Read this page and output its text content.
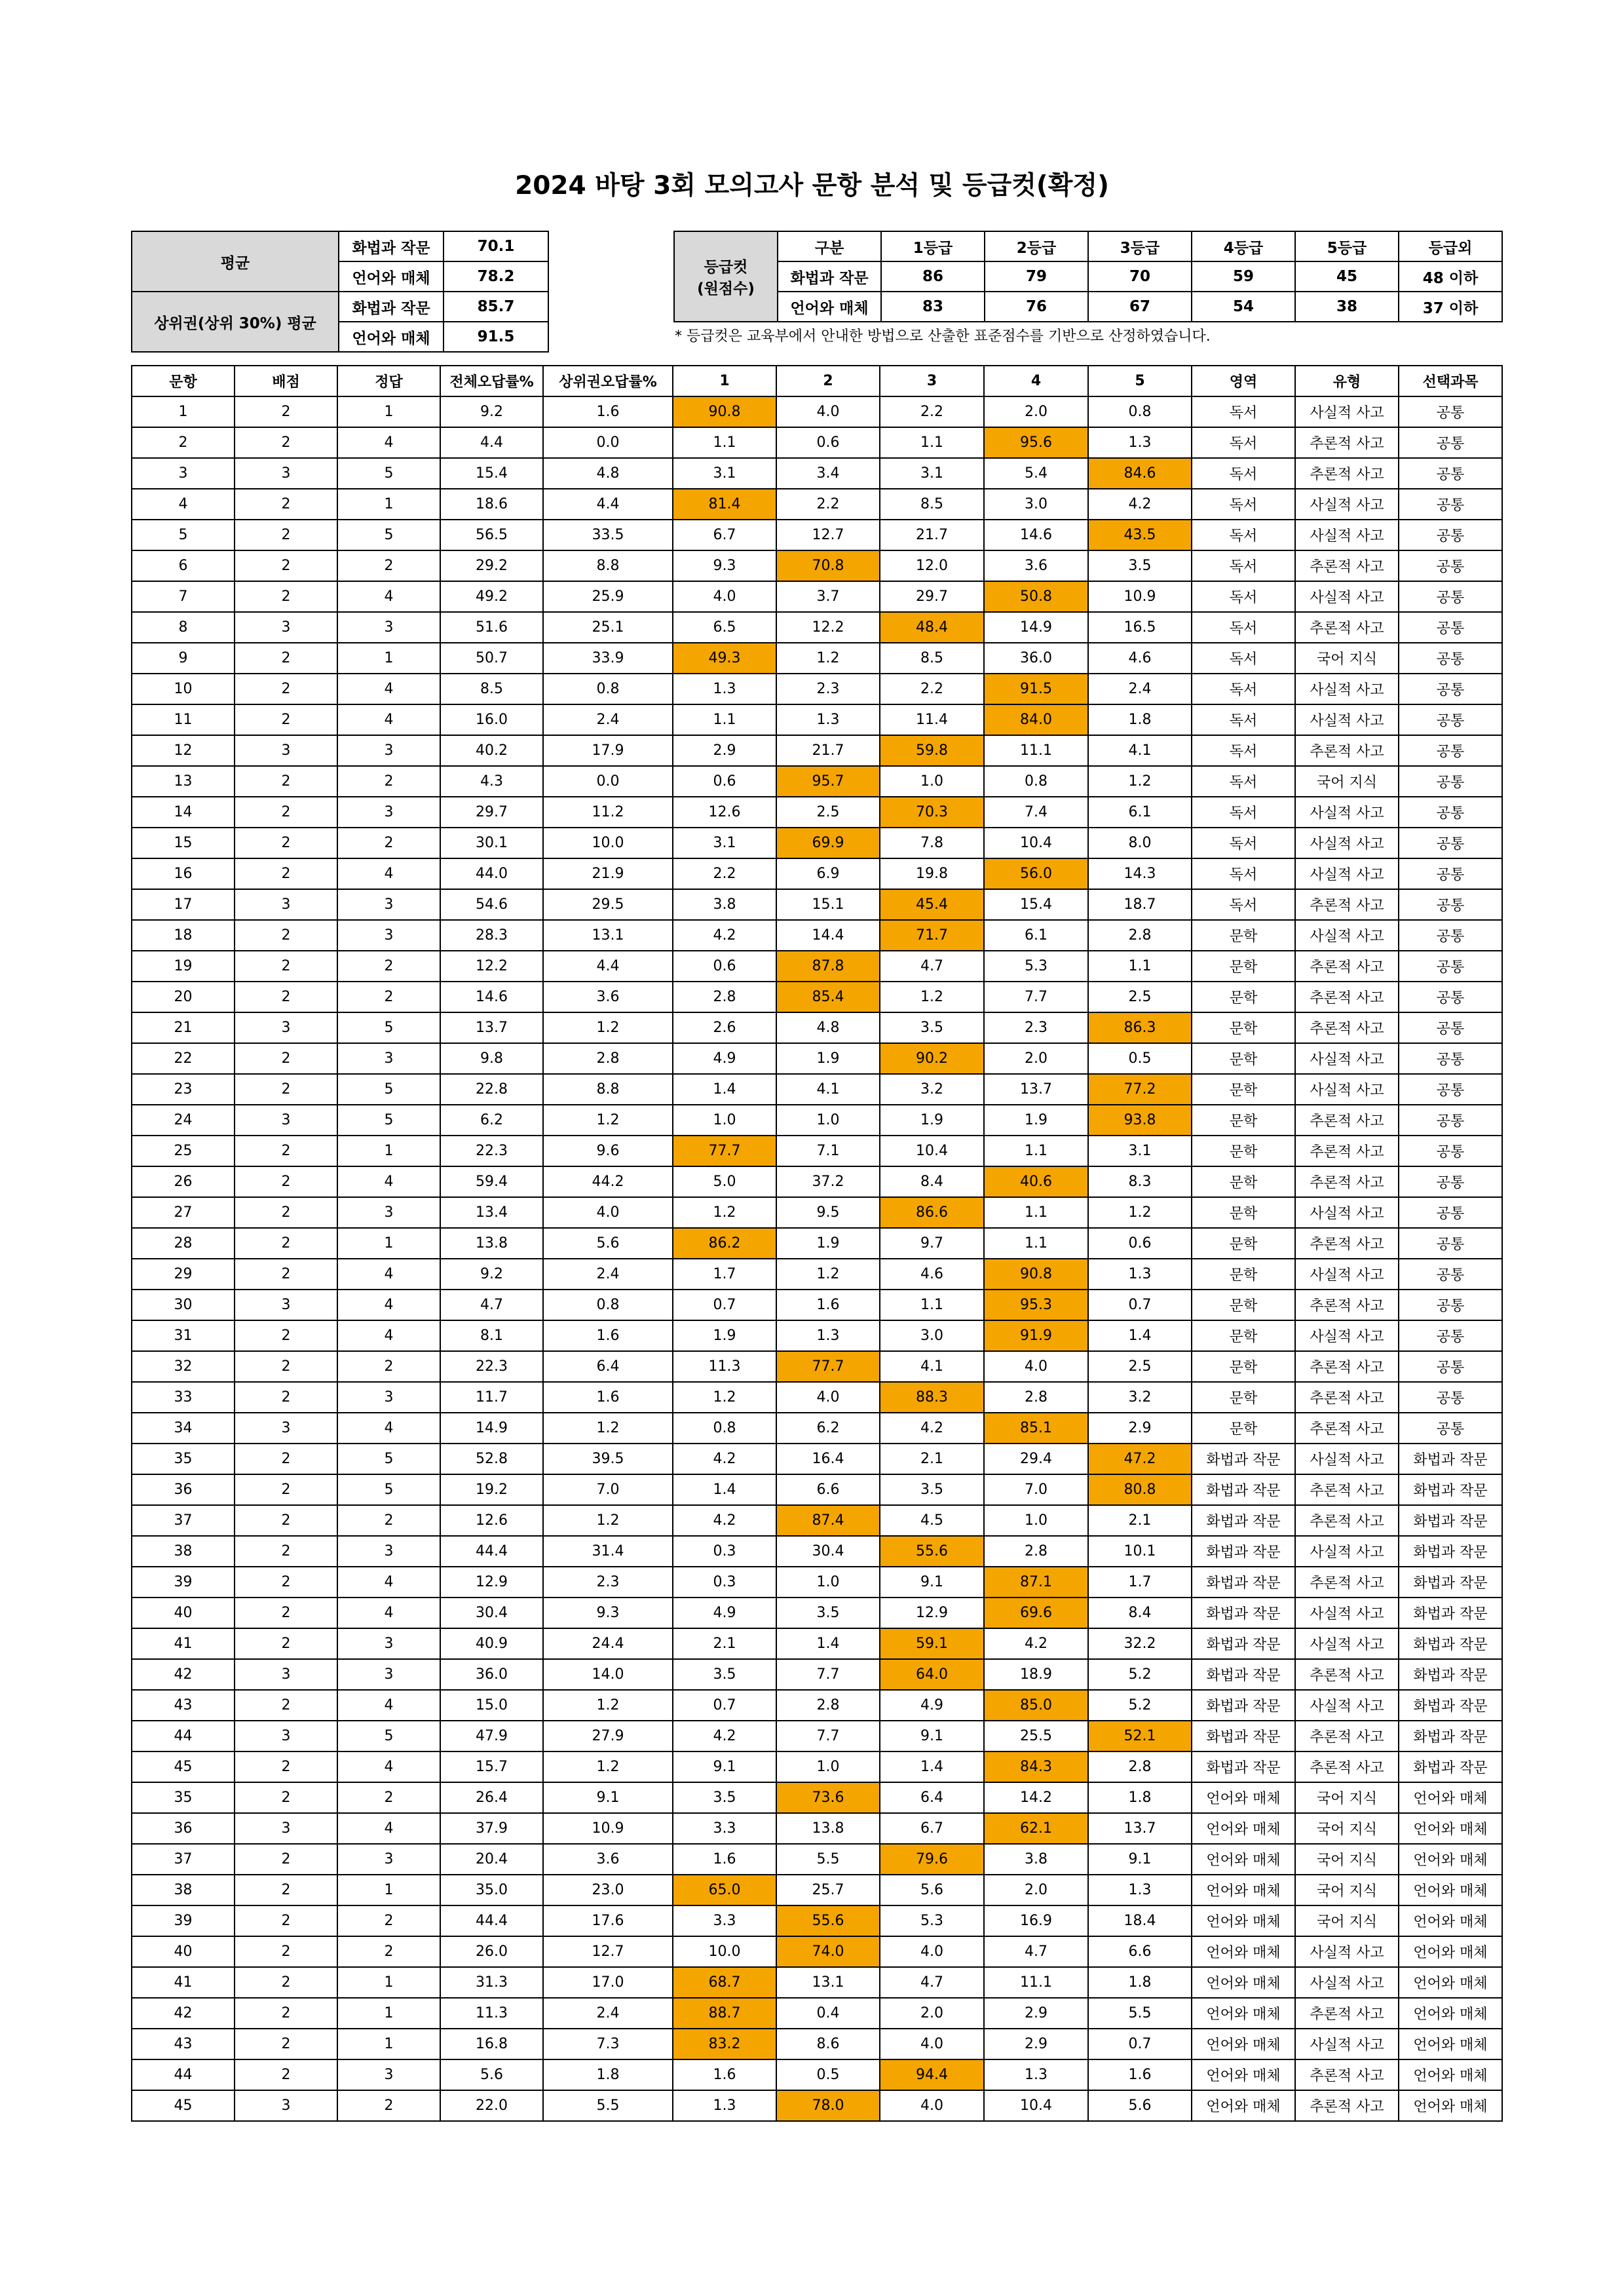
2024 바탕 3회 모의고사 문항 분석 및 등급컷(확정)
평균	화법과 작문	70.1
	언어와 매체	78.2
상위권(상위 30%) 평균	화법과 작문	85.7
	언어와 매체	91.5
등급컷
(원점수)	구분	1등급	2등급	3등급	4등급	5등급	등급외
	화법과 작문	86	79	70	59	45	48 이하
	언어와 매체	83	76	67	54	38	37 이하
* 등급컷은 교육부에서 안내한 방법으로 산출한 표준점수를 기반으로 산정하였습니다.
문항	배점	정답	전체오답률%	상위권오답률%	1	2	3	4	5	영역	유형	선택과목
1	2	1	9.2	1.6	90.8	4.0	2.2	2.0	0.8	독서	사실적 사고	공통
2	2	4	4.4	0.0	1.1	0.6	1.1	95.6	1.3	독서	추론적 사고	공통
3	3	5	15.4	4.8	3.1	3.4	3.1	5.4	84.6	독서	추론적 사고	공통
4	2	1	18.6	4.4	81.4	2.2	8.5	3.0	4.2	독서	사실적 사고	공통
5	2	5	56.5	33.5	6.7	12.7	21.7	14.6	43.5	독서	사실적 사고	공통
6	2	2	29.2	8.8	9.3	70.8	12.0	3.6	3.5	독서	추론적 사고	공통
7	2	4	49.2	25.9	4.0	3.7	29.7	50.8	10.9	독서	사실적 사고	공통
8	3	3	51.6	25.1	6.5	12.2	48.4	14.9	16.5	독서	추론적 사고	공통
9	2	1	50.7	33.9	49.3	1.2	8.5	36.0	4.6	독서	국어 지식	공통
10	2	4	8.5	0.8	1.3	2.3	2.2	91.5	2.4	독서	사실적 사고	공통
11	2	4	16.0	2.4	1.1	1.3	11.4	84.0	1.8	독서	사실적 사고	공통
12	3	3	40.2	17.9	2.9	21.7	59.8	11.1	4.1	독서	추론적 사고	공통
13	2	2	4.3	0.0	0.6	95.7	1.0	0.8	1.2	독서	국어 지식	공통
14	2	3	29.7	11.2	12.6	2.5	70.3	7.4	6.1	독서	사실적 사고	공통
15	2	2	30.1	10.0	3.1	69.9	7.8	10.4	8.0	독서	사실적 사고	공통
16	2	4	44.0	21.9	2.2	6.9	19.8	56.0	14.3	독서	사실적 사고	공통
17	3	3	54.6	29.5	3.8	15.1	45.4	15.4	18.7	독서	추론적 사고	공통
18	2	3	28.3	13.1	4.2	14.4	71.7	6.1	2.8	문학	사실적 사고	공통
19	2	2	12.2	4.4	0.6	87.8	4.7	5.3	1.1	문학	추론적 사고	공통
20	2	2	14.6	3.6	2.8	85.4	1.2	7.7	2.5	문학	추론적 사고	공통
21	3	5	13.7	1.2	2.6	4.8	3.5	2.3	86.3	문학	추론적 사고	공통
22	2	3	9.8	2.8	4.9	1.9	90.2	2.0	0.5	문학	사실적 사고	공통
23	2	5	22.8	8.8	1.4	4.1	3.2	13.7	77.2	문학	사실적 사고	공통
24	3	5	6.2	1.2	1.0	1.0	1.9	1.9	93.8	문학	추론적 사고	공통
25	2	1	22.3	9.6	77.7	7.1	10.4	1.1	3.1	문학	추론적 사고	공통
26	2	4	59.4	44.2	5.0	37.2	8.4	40.6	8.3	문학	추론적 사고	공통
27	2	3	13.4	4.0	1.2	9.5	86.6	1.1	1.2	문학	사실적 사고	공통
28	2	1	13.8	5.6	86.2	1.9	9.7	1.1	0.6	문학	추론적 사고	공통
29	2	4	9.2	2.4	1.7	1.2	4.6	90.8	1.3	문학	사실적 사고	공통
30	3	4	4.7	0.8	0.7	1.6	1.1	95.3	0.7	문학	추론적 사고	공통
31	2	4	8.1	1.6	1.9	1.3	3.0	91.9	1.4	문학	사실적 사고	공통
32	2	2	22.3	6.4	11.3	77.7	4.1	4.0	2.5	문학	추론적 사고	공통
33	2	3	11.7	1.6	1.2	4.0	88.3	2.8	3.2	문학	추론적 사고	공통
34	3	4	14.9	1.2	0.8	6.2	4.2	85.1	2.9	문학	추론적 사고	공통
35	2	5	52.8	39.5	4.2	16.4	2.1	29.4	47.2	화법과 작문	사실적 사고	화법과 작문
36	2	5	19.2	7.0	1.4	6.6	3.5	7.0	80.8	화법과 작문	추론적 사고	화법과 작문
37	2	2	12.6	1.2	4.2	87.4	4.5	1.0	2.1	화법과 작문	추론적 사고	화법과 작문
38	2	3	44.4	31.4	0.3	30.4	55.6	2.8	10.1	화법과 작문	사실적 사고	화법과 작문
39	2	4	12.9	2.3	0.3	1.0	9.1	87.1	1.7	화법과 작문	추론적 사고	화법과 작문
40	2	4	30.4	9.3	4.9	3.5	12.9	69.6	8.4	화법과 작문	사실적 사고	화법과 작문
41	2	3	40.9	24.4	2.1	1.4	59.1	4.2	32.2	화법과 작문	사실적 사고	화법과 작문
42	3	3	36.0	14.0	3.5	7.7	64.0	18.9	5.2	화법과 작문	추론적 사고	화법과 작문
43	2	4	15.0	1.2	0.7	2.8	4.9	85.0	5.2	화법과 작문	사실적 사고	화법과 작문
44	3	5	47.9	27.9	4.2	7.7	9.1	25.5	52.1	화법과 작문	추론적 사고	화법과 작문
45	2	4	15.7	1.2	9.1	1.0	1.4	84.3	2.8	화법과 작문	추론적 사고	화법과 작문
35	2	2	26.4	9.1	3.5	73.6	6.4	14.2	1.8	언어와 매체	국어 지식	언어와 매체
36	3	4	37.9	10.9	3.3	13.8	6.7	62.1	13.7	언어와 매체	국어 지식	언어와 매체
37	2	3	20.4	3.6	1.6	5.5	79.6	3.8	9.1	언어와 매체	국어 지식	언어와 매체
38	2	1	35.0	23.0	65.0	25.7	5.6	2.0	1.3	언어와 매체	국어 지식	언어와 매체
39	2	2	44.4	17.6	3.3	55.6	5.3	16.9	18.4	언어와 매체	국어 지식	언어와 매체
40	2	2	26.0	12.7	10.0	74.0	4.0	4.7	6.6	언어와 매체	사실적 사고	언어와 매체
41	2	1	31.3	17.0	68.7	13.1	4.7	11.1	1.8	언어와 매체	사실적 사고	언어와 매체
42	2	1	11.3	2.4	88.7	0.4	2.0	2.9	5.5	언어와 매체	추론적 사고	언어와 매체
43	2	1	16.8	7.3	83.2	8.6	4.0	2.9	0.7	언어와 매체	사실적 사고	언어와 매체
44	2	3	5.6	1.8	1.6	0.5	94.4	1.3	1.6	언어와 매체	추론적 사고	언어와 매체
45	3	2	22.0	5.5	1.3	78.0	4.0	10.4	5.6	언어와 매체	추론적 사고	언어와 매체
